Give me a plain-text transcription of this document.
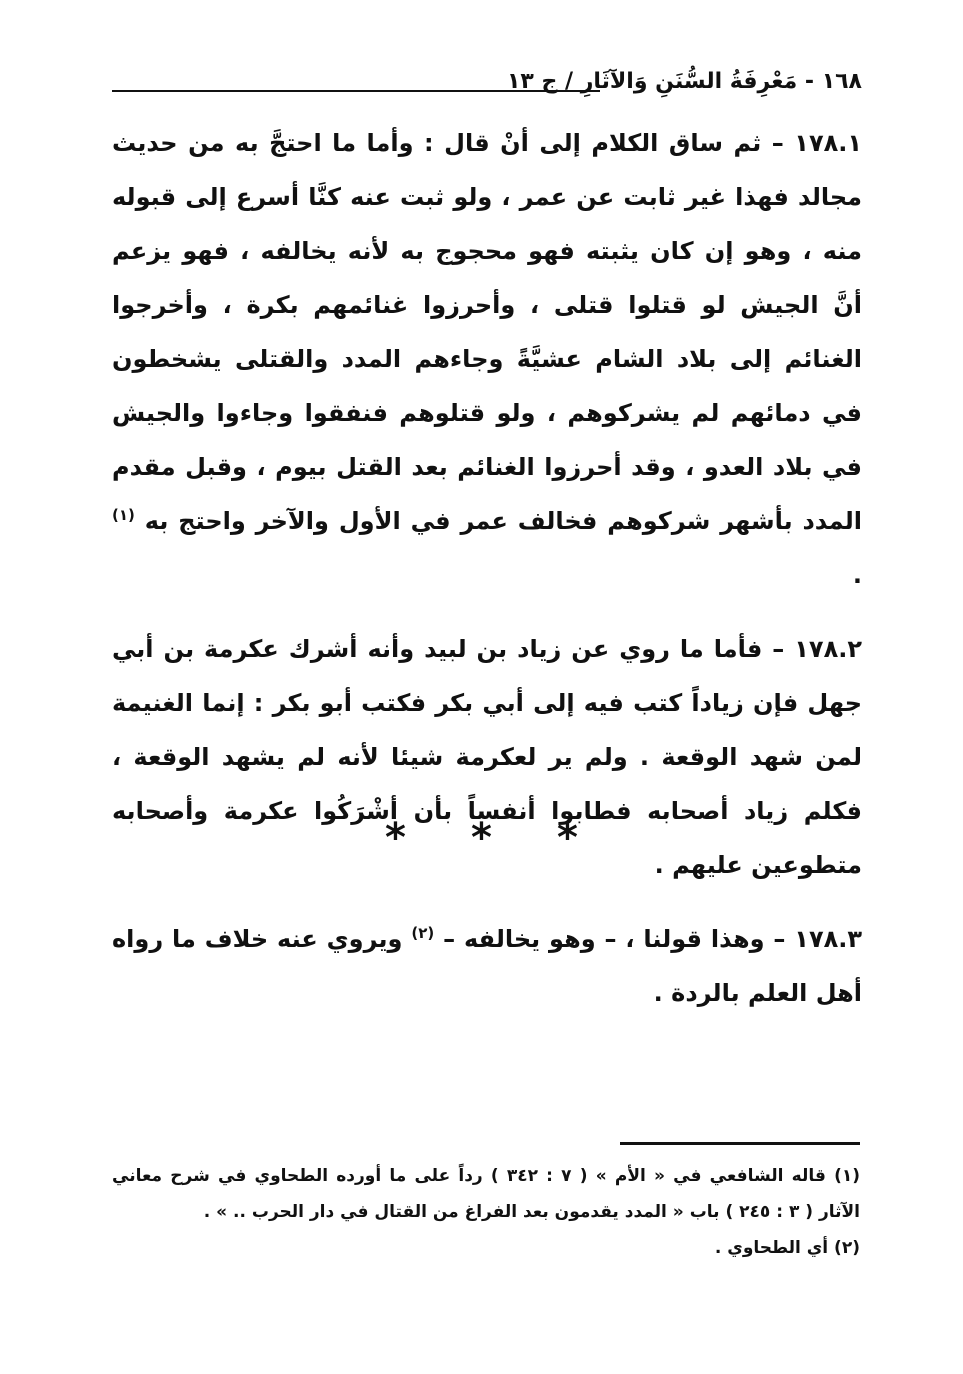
١٦٨ - مَعْرِفَةُ السُّنَنِ وَالآثَارِ / ج ١٣

١٧٨.١ – ثم ساق الكلام إلى أنْ قال : وأما ما احتجَّ به من حديث مجالد فهذا غير ثابت عن عمر ، ولو ثبت عنه كنَّا أسرع إلى قبوله منه ، وهو إن كان يثبته فهو محجوج به لأنه يخالفه ، فهو يزعم أنَّ الجيش لو قتلوا قتلى ، وأحرزوا غنائمهم بكرة ، وأخرجوا الغنائم إلى بلاد الشام عشيَّةً وجاءهم المدد والقتلى يشخطون في دمائهم لم يشركوهم ، ولو قتلوهم فنفقوا وجاءوا والجيش في بلاد العدو ، وقد أحرزوا الغنائم بعد القتل بيوم ، وقبل مقدم المدد بأشهر شركوهم فخالف عمر في الأول والآخر واحتج به $^{(١)}$ .

١٧٨.٢ – فأما ما روي عن زياد بن لبيد وأنه أشرك عكرمة بن أبي جهل فإن زياداً كتب فيه إلى أبي بكر فكتب أبو بكر : إنما الغنيمة لمن شهد الوقعة . ولم ير لعكرمة شيئا لأنه لم يشهد الوقعة ، فكلم زياد أصحابه فطابوا أنفساً بأن أشْرَكُوا عكرمة وأصحابه متطوعين عليهم .

١٧٨.٣ – وهذا قولنا ، – وهو يخالفه – $^{(٢)}$ ويروي عنه خلاف ما رواه أهل العلم بالردة .

* * *

(١) قاله الشافعي في « الأم » ( ٧ : ٣٤٢ ) رداً على ما أورده الطحاوي في شرح معاني الآثار ( ٣ : ٢٤٥ ) باب « المدد يقدمون بعد الفراغ من القتال في دار الحرب .. » .

(٢) أي الطحاوي .
